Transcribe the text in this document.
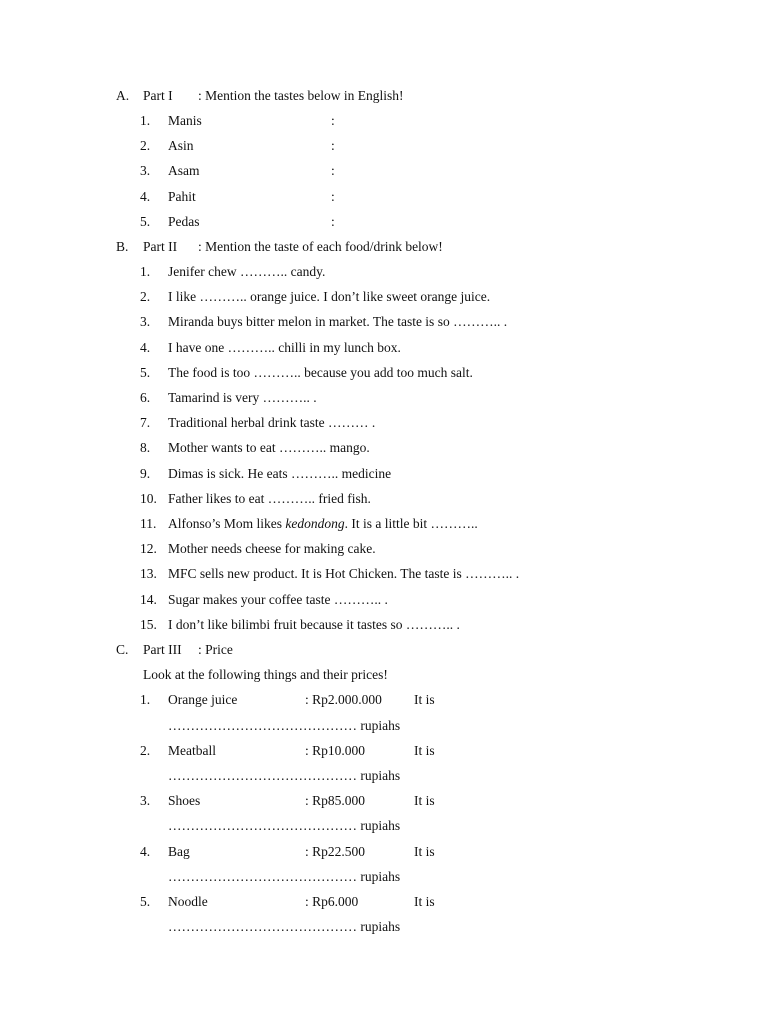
A. Part I : Mention the tastes below in English!
1. Manis	:
2. Asin	:
3. Asam	:
4. Pahit	:
5. Pedas	:
B. Part II : Mention the taste of each food/drink below!
1. Jenifer chew ……….. candy.
2. I like ……….. orange juice. I don’t like sweet orange juice.
3. Miranda buys bitter melon in market. The taste is so ……….. .
4. I have one ……….. chilli in my lunch box.
5. The food is too ……….. because you add too much salt.
6. Tamarind is very ……….. .
7. Traditional herbal drink taste ……… .
8. Mother wants to eat ……….. mango.
9. Dimas is sick. He eats ……….. medicine
10. Father likes to eat ……….. fried fish.
11. Alfonso’s Mom likes kedondong. It is a little bit ………..
12. Mother needs cheese for making cake.
13. MFC sells new product. It is Hot Chicken. The taste is ……….. .
14. Sugar makes your coffee taste ……….. .
15. I don’t like bilimbi fruit because it tastes so ……….. .
C. Part III : Price
Look at the following things and their prices!
1. Orange juice	: Rp2.000.000 It is
…………………………………… rupiahs
2. Meatball	: Rp10.000	It is
…………………………………… rupiahs
3. Shoes	: Rp85.000	It is
…………………………………… rupiahs
4. Bag	: Rp22.500	It is
…………………………………… rupiahs
5. Noodle	: Rp6.000	It is
…………………………………… rupiahs
